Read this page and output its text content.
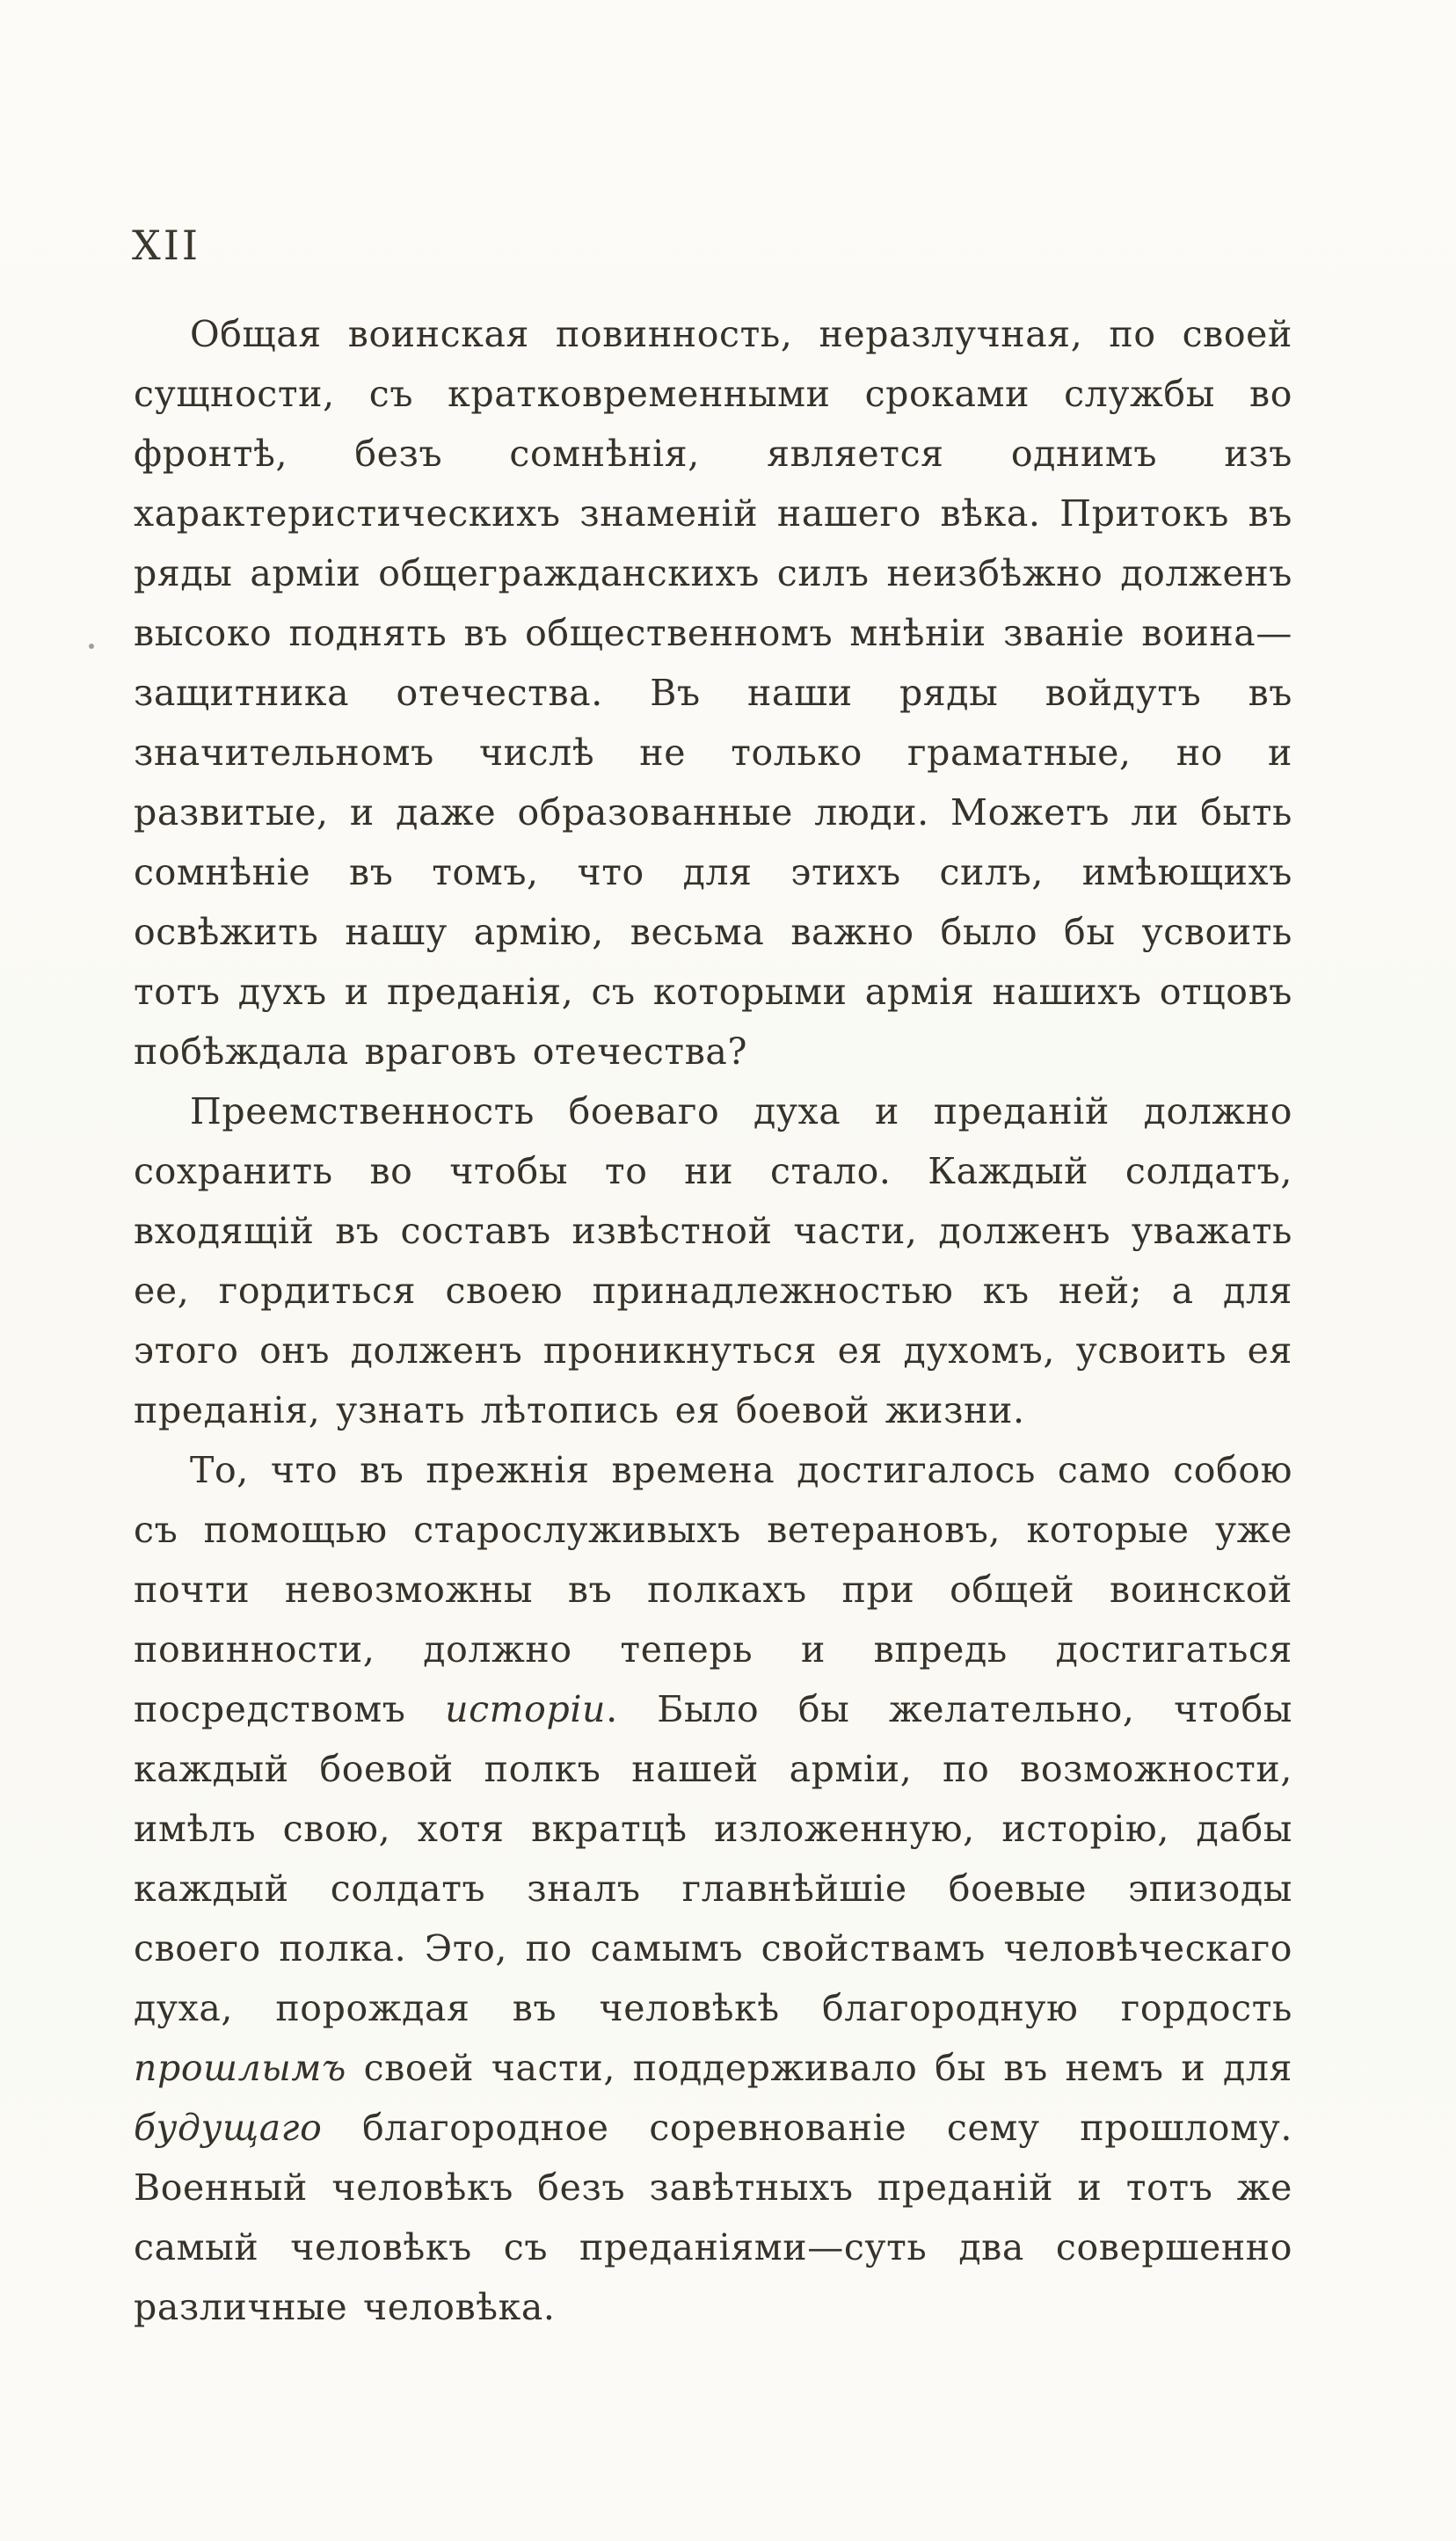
XII

Общая воинская повинность, неразлучная, по своей сущности, съ кратковременными сроками службы во фронтѣ, безъ сомнѣнія, является однимъ изъ характеристическихъ знаменій нашего вѣка. Притокъ въ ряды арміи общегражданскихъ силъ неизбѣжно долженъ высоко поднять въ общественномъ мнѣніи званіе воина—защитника отечества. Въ наши ряды войдутъ въ значительномъ числѣ не только граматные, но и развитые, и даже образованные люди. Можетъ ли быть сомнѣніе въ томъ, что для этихъ силъ, имѣющихъ освѣжить нашу армію, весьма важно было бы усвоить тотъ духъ и преданія, съ которыми армія нашихъ отцовъ побѣждала враговъ отечества?

Преемственность боеваго духа и преданій должно сохранить во чтобы то ни стало. Каждый солдатъ, входящій въ составъ извѣстной части, долженъ уважать ее, гордиться своею принадлежностью къ ней; а для этого онъ долженъ проникнуться ея духомъ, усвоить ея преданія, узнать лѣтопись ея боевой жизни.

То, что въ прежнія времена достигалось само собою съ помощью старослуживыхъ ветерановъ, которые уже почти невозможны въ полкахъ при общей воинской повинности, должно теперь и впредь достигаться посредствомъ исторіи. Было бы желательно, чтобы каждый боевой полкъ нашей арміи, по возможности, имѣлъ свою, хотя вкратцѣ изложенную, исторію, дабы каждый солдатъ зналъ главнѣйшіе боевые эпизоды своего полка. Это, по самымъ свойствамъ человѣческаго духа, порождая въ человѣкѣ благородную гордость прошлымъ своей части, поддерживало бы въ немъ и для будущаго благородное соревнованіе сему прошлому. Военный человѣкъ безъ завѣтныхъ преданій и тотъ же самый человѣкъ съ преданіями—суть два совершенно различные человѣка.
